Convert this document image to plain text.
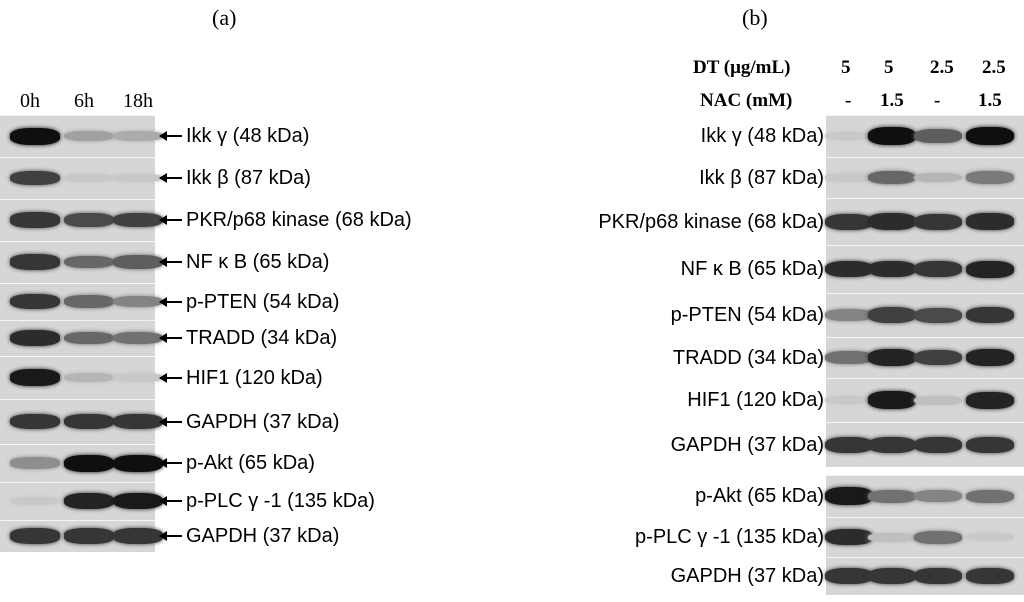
(a)	(b)
0h 6h 18h
Ikk γ (48 kDa)
Ikk β (87 kDa)
PKR/p68 kinase (68 kDa)
NF κ B (65 kDa)
p-PTEN (54 kDa)
TRADD (34 kDa)
HIF1 (120 kDa)
GAPDH (37 kDa)
p-Akt (65 kDa)
p-PLC γ -1 (135 kDa)
GAPDH (37 kDa)
DT (μg/mL)
NAC (mM)
5 5 2.5 2.5
- 1.5 - 1.5
Ikk γ (48 kDa)
Ikk β (87 kDa)
PKR/p68 kinase (68 kDa)
NF κ B (65 kDa)
p-PTEN (54 kDa)
TRADD (34 kDa)
HIF1 (120 kDa)
GAPDH (37 kDa)
p-Akt (65 kDa)
p-PLC γ -1 (135 kDa)
GAPDH (37 kDa)
